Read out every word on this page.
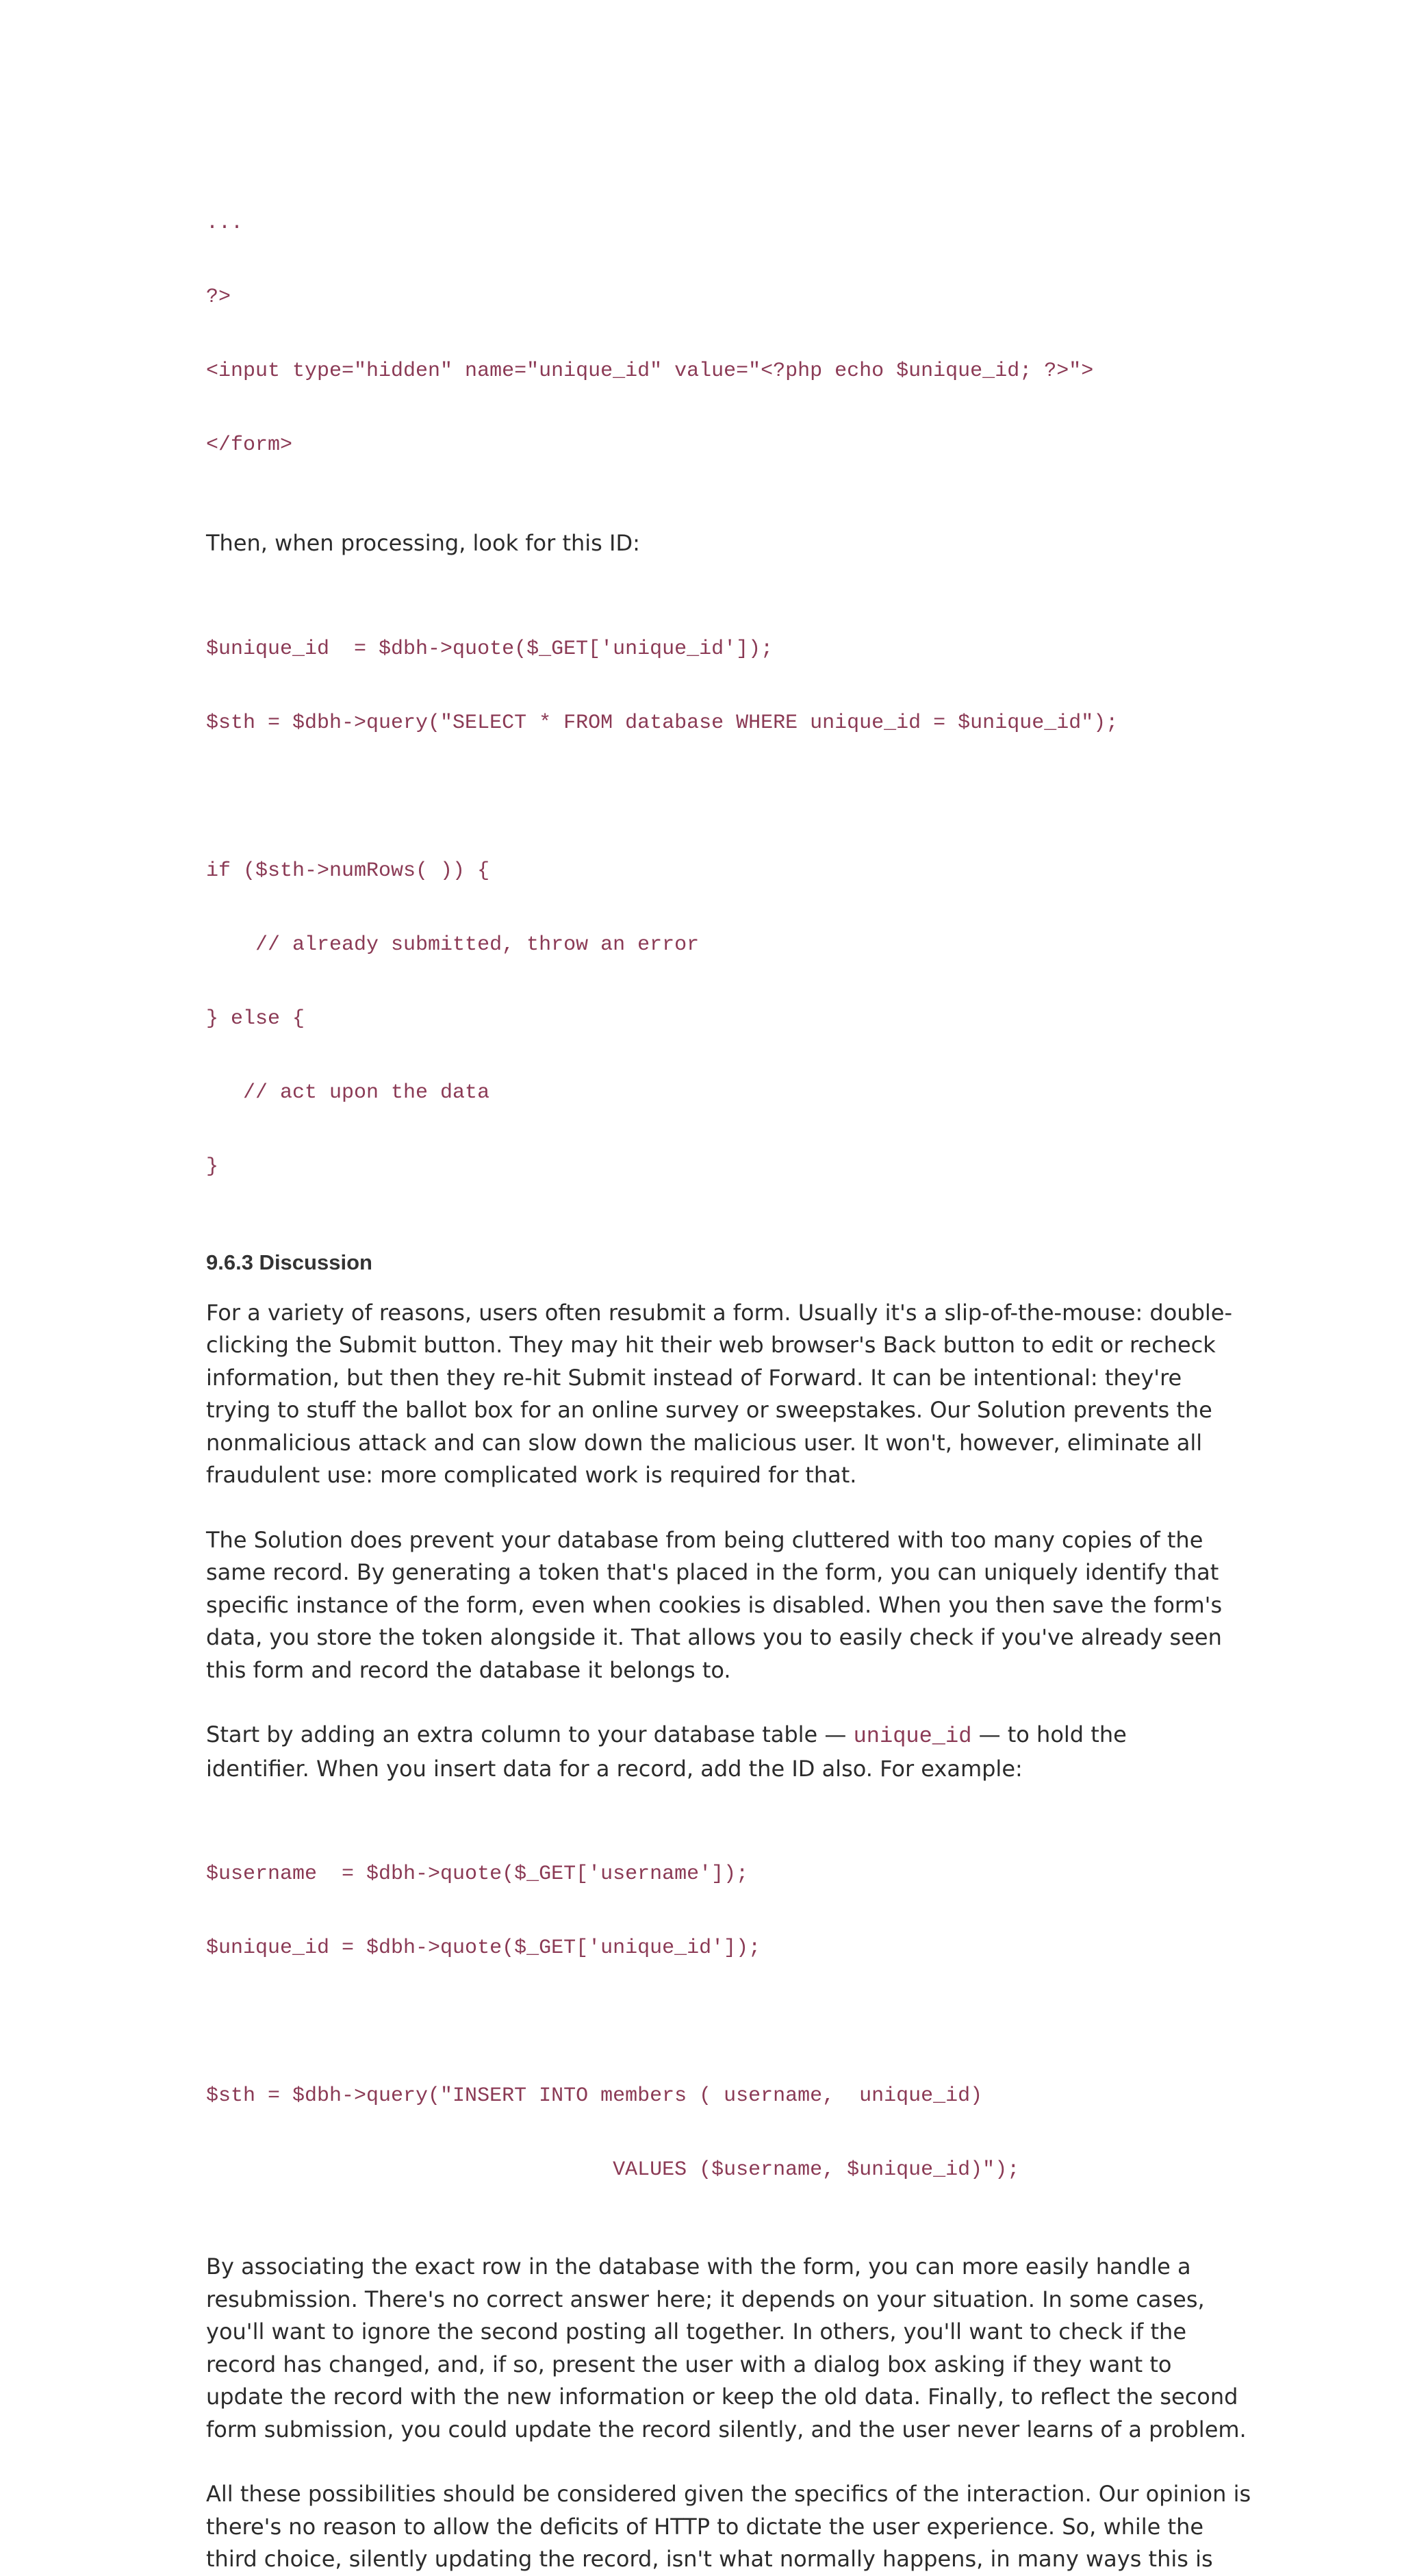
...

?>

<input type="hidden" name="unique_id" value="<?php echo $unique_id; ?>">

</form>

Then, when processing, look for this ID:

$unique_id  = $dbh->quote($_GET['unique_id']);

$sth = $dbh->query("SELECT * FROM database WHERE unique_id = $unique_id");

if ($sth->numRows( )) {

// already submitted, throw an error

} else {

// act upon the data

}

9.6.3 Discussion

For a variety of reasons, users often resubmit a form. Usually it's a slip-of-the-mouse: double-
clicking the Submit button. They may hit their web browser's Back button to edit or recheck
information, but then they re-hit Submit instead of Forward. It can be intentional: they're
trying to stuff the ballot box for an online survey or sweepstakes. Our Solution prevents the
nonmalicious attack and can slow down the malicious user. It won't, however, eliminate all
fraudulent use: more complicated work is required for that.

The Solution does prevent your database from being cluttered with too many copies of the
same record. By generating a token that's placed in the form, you can uniquely identify that
specific instance of the form, even when cookies is disabled. When you then save the form's
data, you store the token alongside it. That allows you to easily check if you've already seen
this form and record the database it belongs to.

Start by adding an extra column to your database table — unique_id — to hold the
identifier. When you insert data for a record, add the ID also. For example:

$username  = $dbh->quote($_GET['username']);

$unique_id = $dbh->quote($_GET['unique_id']);

$sth = $dbh->query("INSERT INTO members ( username,  unique_id)

VALUES ($username, $unique_id)");

By associating the exact row in the database with the form, you can more easily handle a
resubmission. There's no correct answer here; it depends on your situation. In some cases,
you'll want to ignore the second posting all together. In others, you'll want to check if the
record has changed, and, if so, present the user with a dialog box asking if they want to
update the record with the new information or keep the old data. Finally, to reflect the second
form submission, you could update the record silently, and the user never learns of a problem.

All these possibilities should be considered given the specifics of the interaction. Our opinion is
there's no reason to allow the deficits of HTTP to dictate the user experience. So, while the
third choice, silently updating the record, isn't what normally happens, in many ways this is
